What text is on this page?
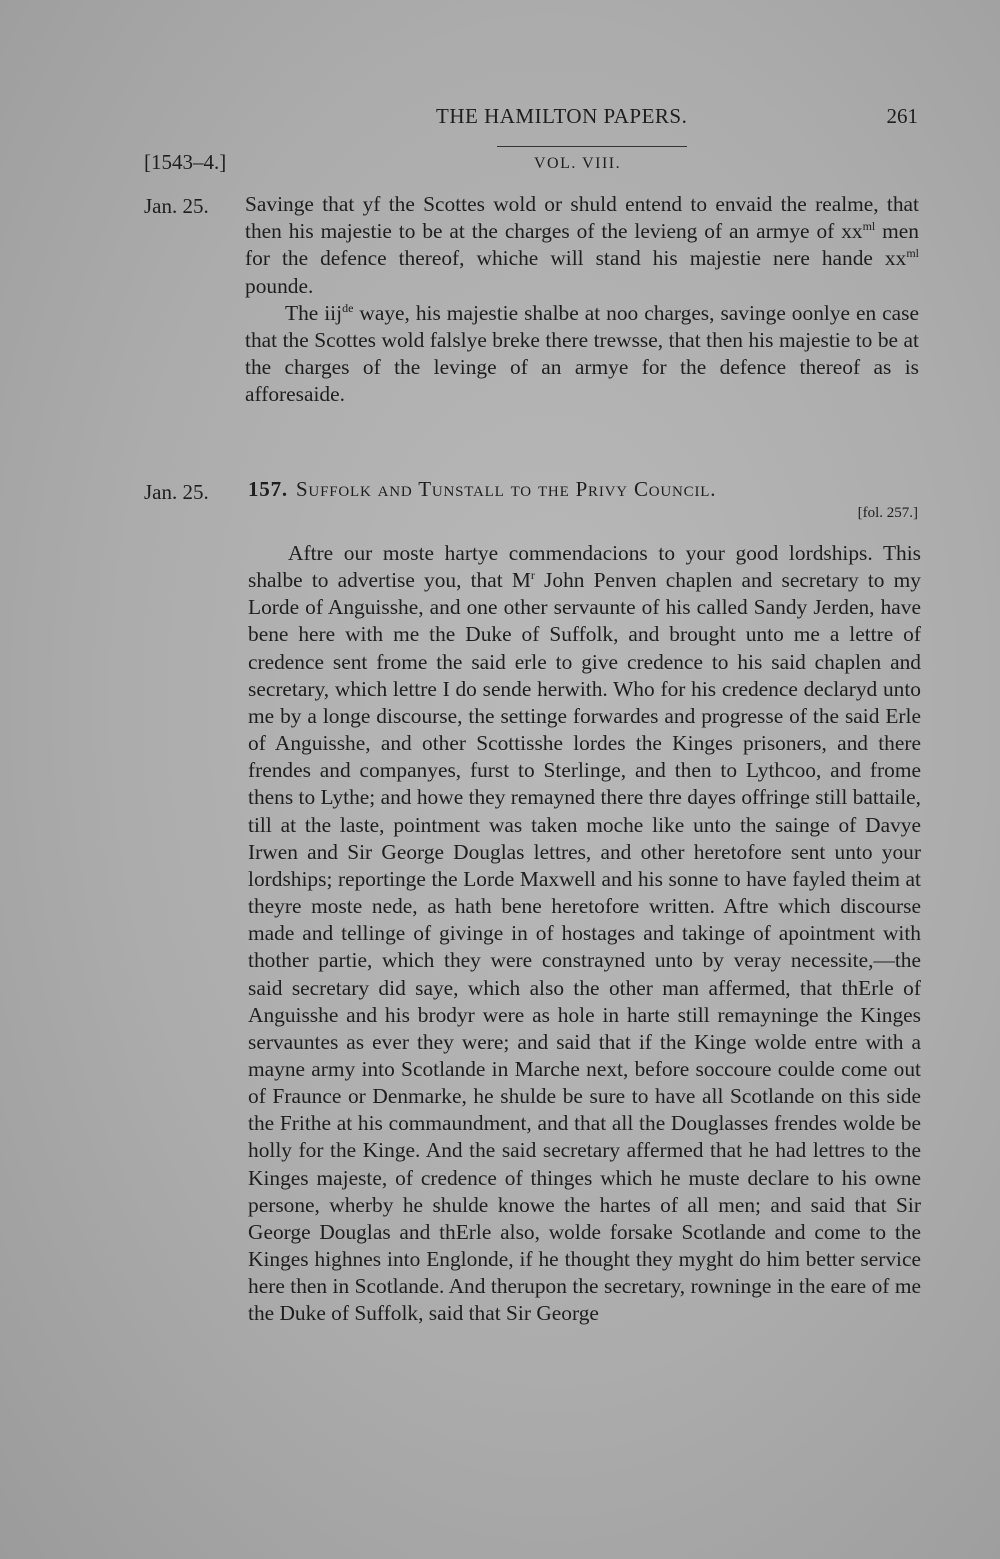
THE HAMILTON PAPERS.	261
[1543–4.]	VOL. VIII.
Jan. 25. Savinge that yf the Scottes wold or shuld entend to envaid the realme, that then his majestie to be at the charges of the levieng of an armye of $xx^{ml}$ men for the defence thereof, whiche will stand his majestie nere hande $xx^{ml}$ pounde.

The iij$^{de}$ waye, his majestie shalbe at noo charges, savinge oonlye en case that the Scottes wold falslye breke there trewsse, that then his majestie to be at the charges of the levinge of an armye for the defence thereof as is afforesaide.

Jan. 25. 157. Suffolk and Tunstall to the Privy Council.
[fol. 257.]

Aftre our moste hartye commendacions to your good lordships. This shalbe to advertise you, that $M^r$ John Penven chaplen and secretary to my Lorde of Anguisshe, and one other servaunte of his called Sandy Jerden, have bene here with me the Duke of Suffolk, and brought unto me a lettre of credence sent frome the said erle to give credence to his said chaplen and secretary, which lettre I do sende herwith. Who for his credence declaryd unto me by a longe discourse, the settinge forwardes and progresse of the said Erle of Anguisshe, and other Scottisshe lordes the Kinges prisoners, and there frendes and companyes, furst to Sterlinge, and then to Lythcoo, and frome thens to Lythe; and howe they remayned there thre dayes offringe still battaile, till at the laste, pointment was taken moche like unto the sainge of Davye Irwen and Sir George Douglas lettres, and other heretofore sent unto your lordships; reportinge the Lorde Maxwell and his sonne to have fayled theim at theyre moste nede, as hath bene heretofore written. Aftre which discourse made and tellinge of givinge in of hostages and takinge of apointment with thother partie, which they were constrayned unto by veray necessite,—the said secretary did saye, which also the other man affermed, that thErle of Anguisshe and his brodyr were as hole in harte still remayninge the Kinges servauntes as ever they were; and said that if the Kinge wolde entre with a mayne army into Scotlande in Marche next, before soccoure coulde come out of Fraunce or Denmarke, he shulde be sure to have all Scotlande on this side the Frithe at his commaundment, and that all the Douglasses frendes wolde be holly for the Kinge. And the said secretary affermed that he had lettres to the Kinges majeste, of credence of thinges which he muste declare to his owne persone, wherby he shulde knowe the hartes of all men; and said that Sir George Douglas and thErle also, wolde forsake Scotlande and come to the Kinges highnes into Englonde, if he thought they myght do him better service here then in Scotlande. And therupon the secretary, rowninge in the eare of me the Duke of Suffolk, said that Sir George
